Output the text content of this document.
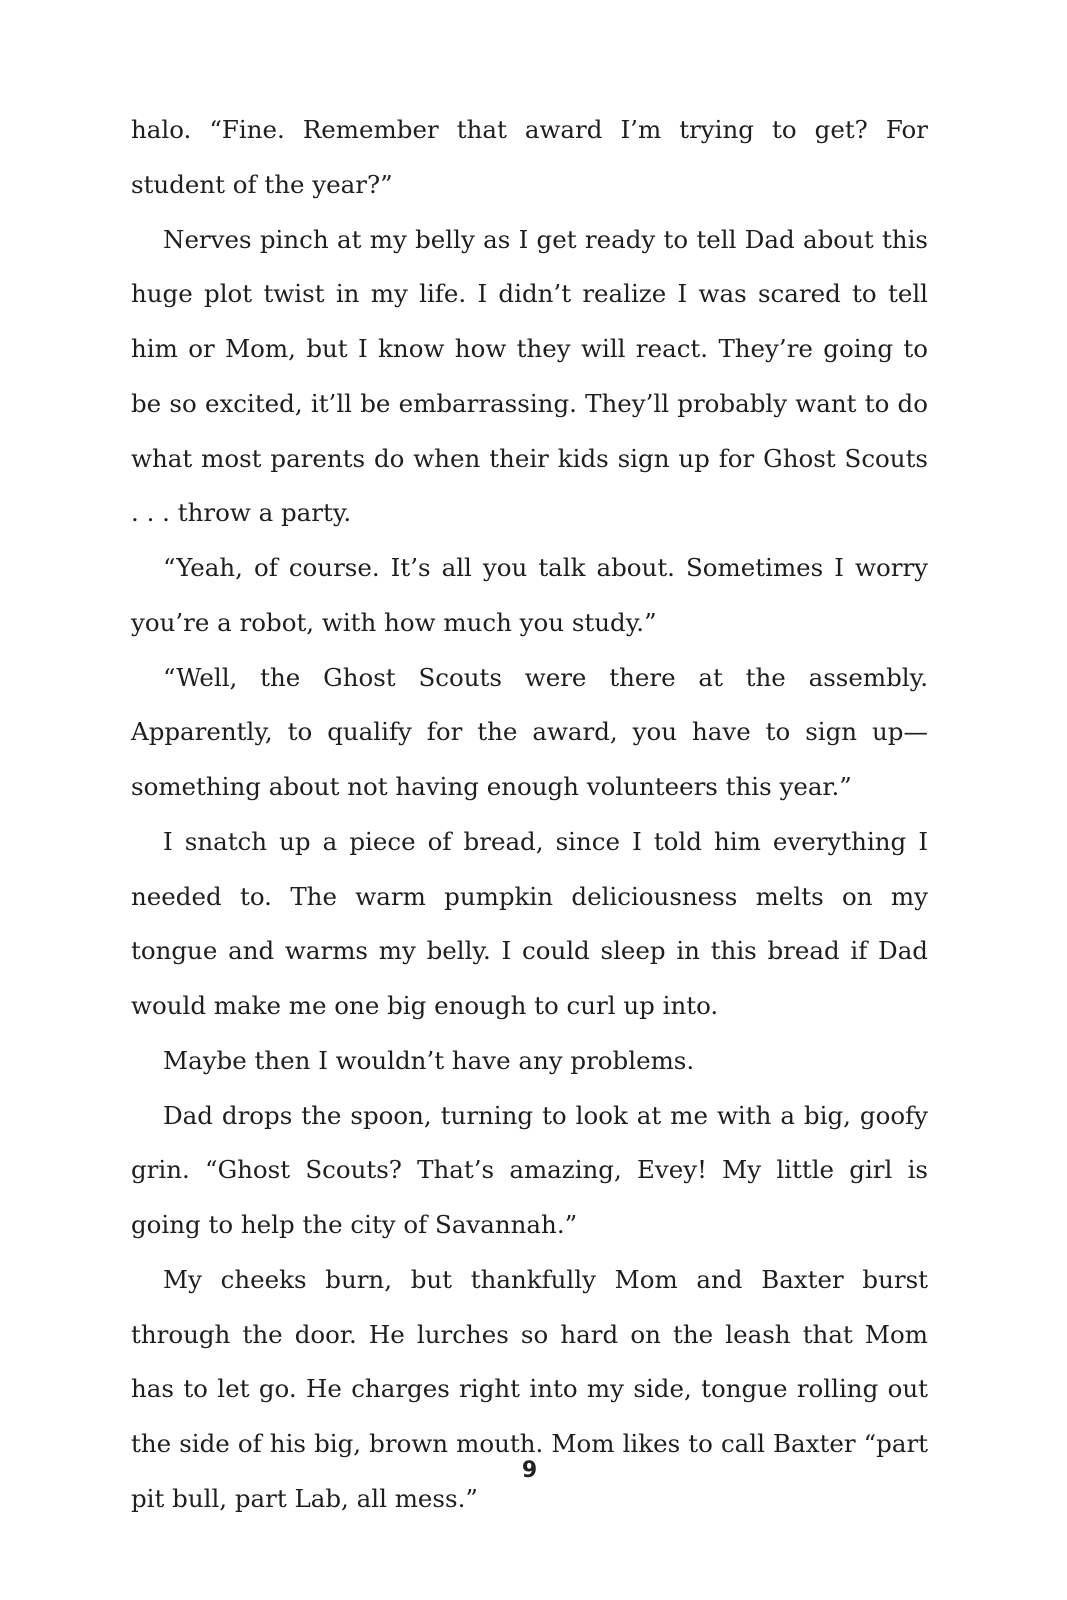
halo. “Fine. Remember that award I’m trying to get? For student of the year?”

Nerves pinch at my belly as I get ready to tell Dad about this huge plot twist in my life. I didn’t realize I was scared to tell him or Mom, but I know how they will react. They’re going to be so excited, it’ll be embarrassing. They’ll probably want to do what most parents do when their kids sign up for Ghost Scouts . . . throw a party.

“Yeah, of course. It’s all you talk about. Sometimes I worry you’re a robot, with how much you study.”

“Well, the Ghost Scouts were there at the assembly. Apparently, to qualify for the award, you have to sign up—something about not having enough volunteers this year.”

I snatch up a piece of bread, since I told him everything I needed to. The warm pumpkin deliciousness melts on my tongue and warms my belly. I could sleep in this bread if Dad would make me one big enough to curl up into.

Maybe then I wouldn’t have any problems.

Dad drops the spoon, turning to look at me with a big, goofy grin. “Ghost Scouts? That’s amazing, Evey! My little girl is going to help the city of Savannah.”

My cheeks burn, but thankfully Mom and Baxter burst through the door. He lurches so hard on the leash that Mom has to let go. He charges right into my side, tongue rolling out the side of his big, brown mouth. Mom likes to call Baxter “part pit bull, part Lab, all mess.”

9
